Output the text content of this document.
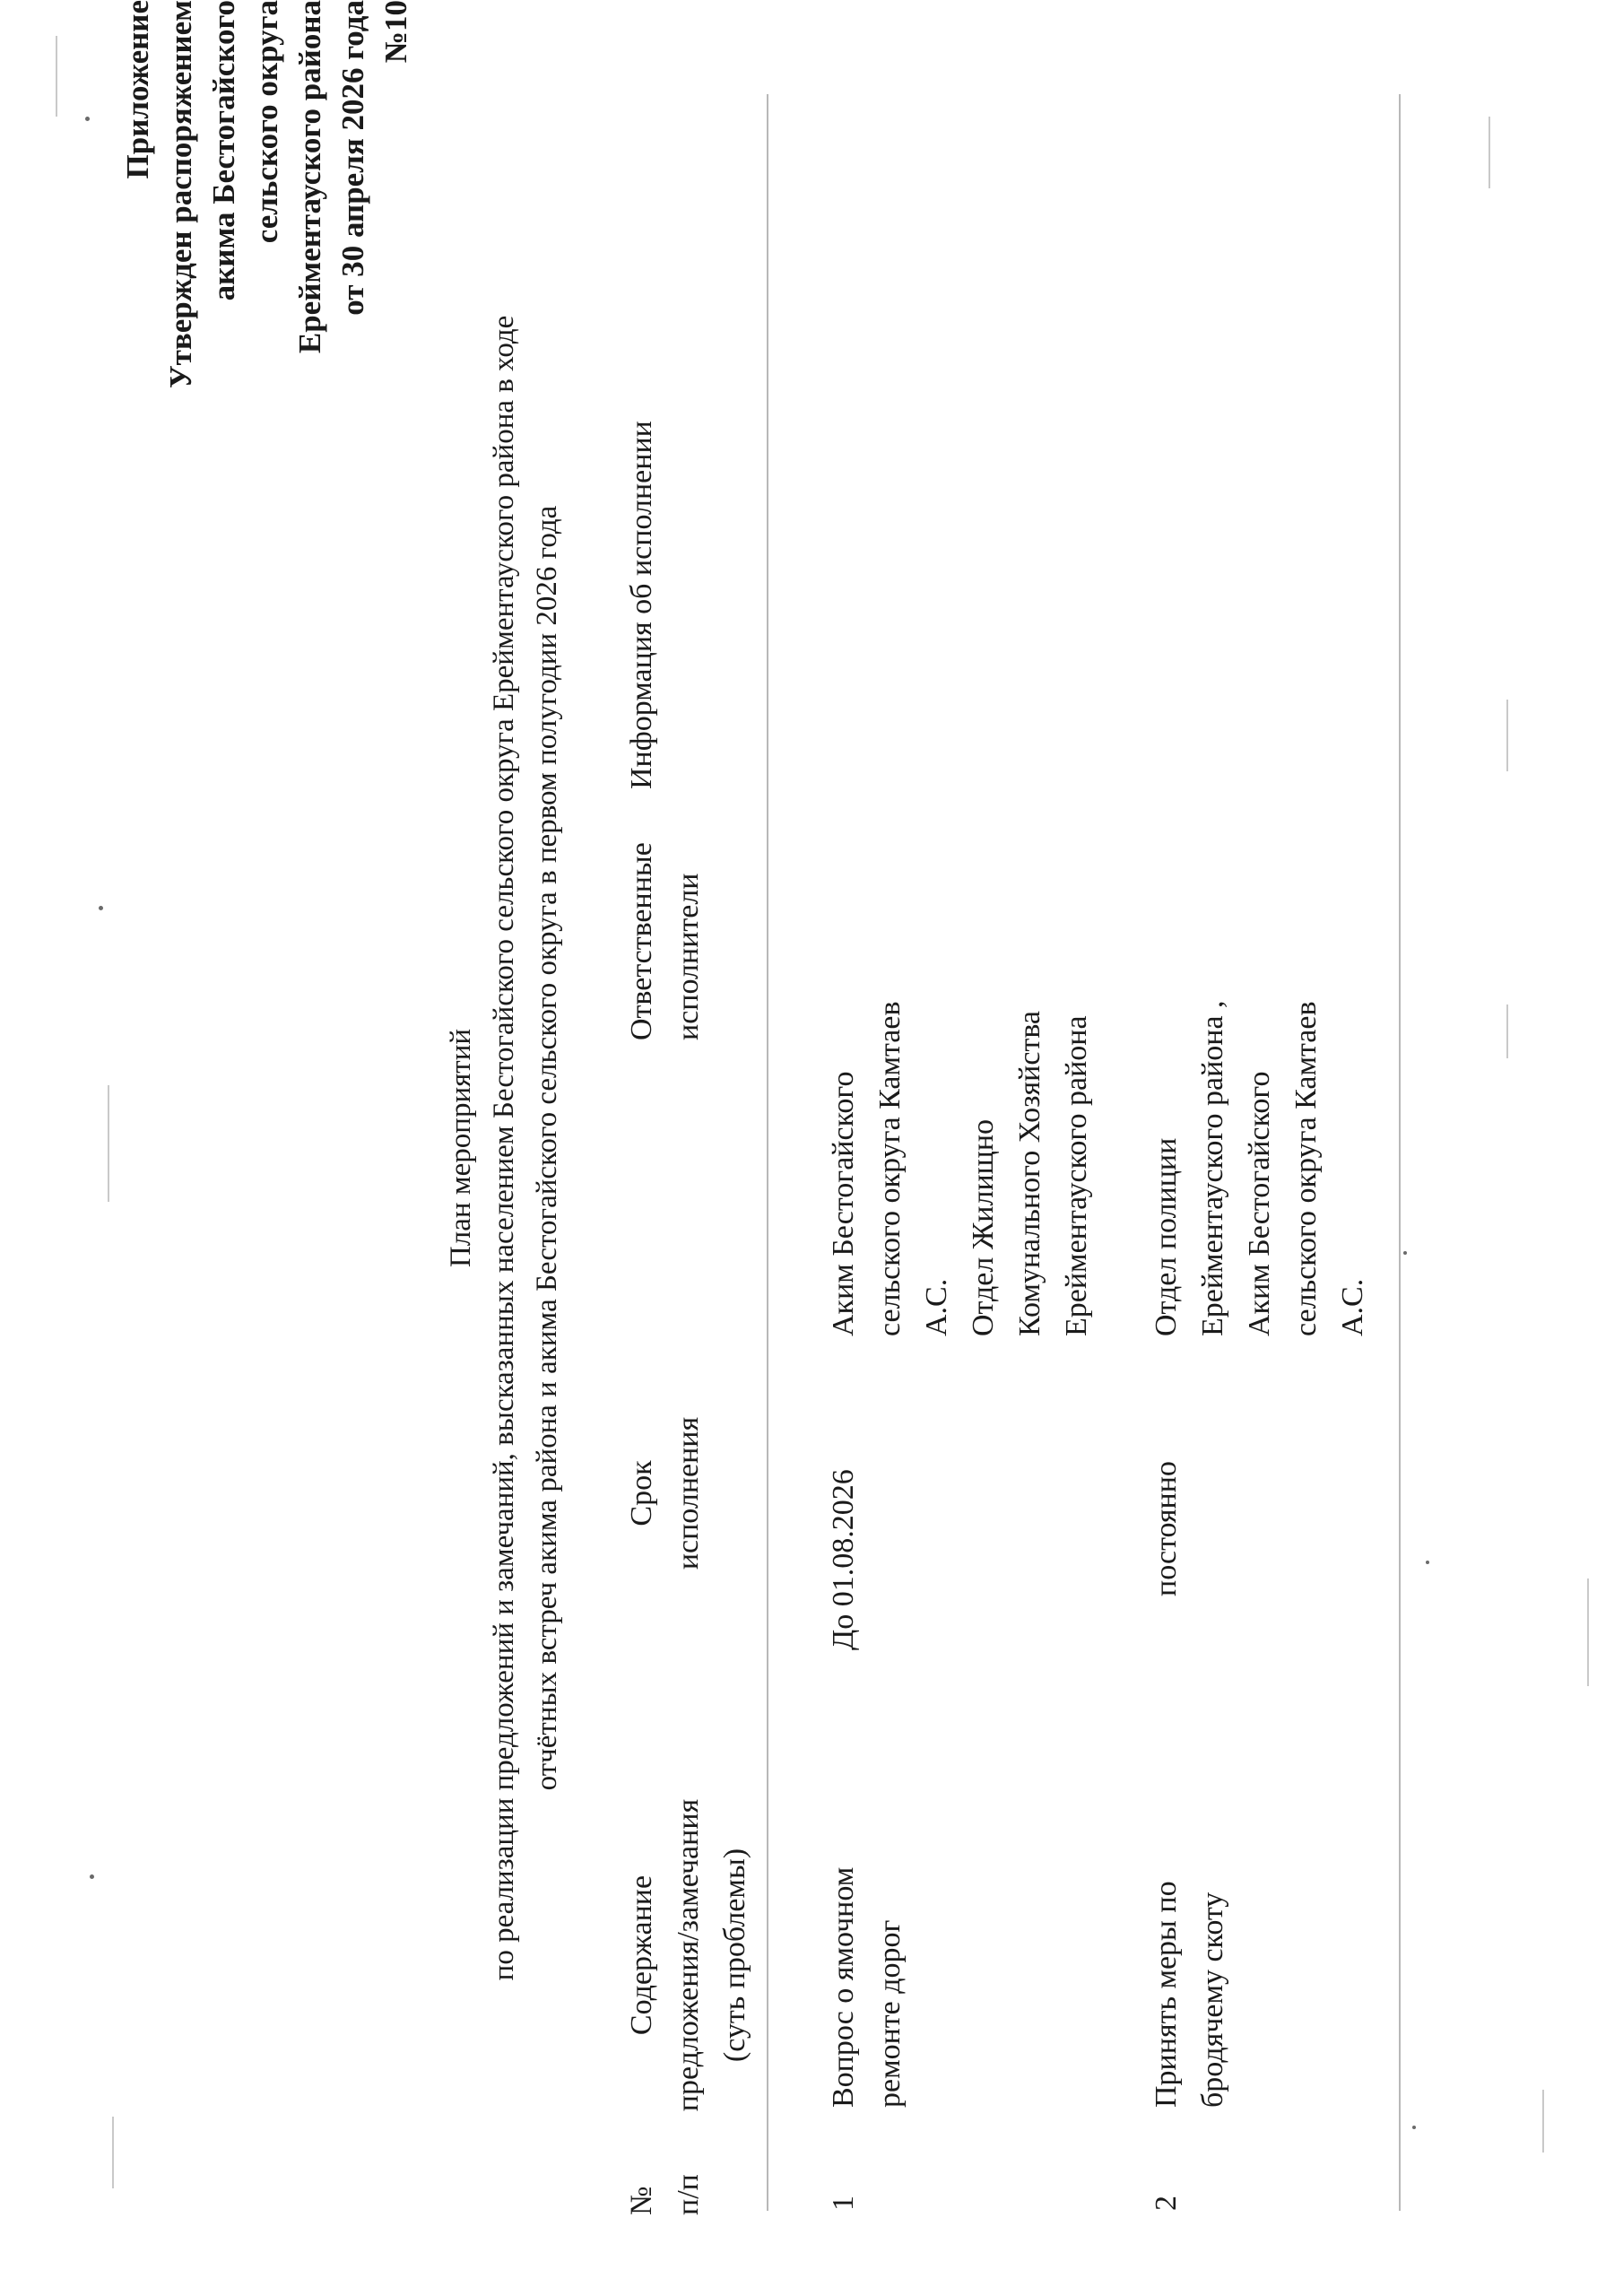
Приложение Утвержден распоряжением акима Бестогайского сельского округа Ерейментауского района от 30 апреля 2026 года №10
План мероприятий по реализации предложений и замечаний, высказанных населением Бестогайского сельского округа Ерейментауского района в ходе отчётных встреч акима района и акима Бестогайского сельского округа в первом полугодии 2026 года
№ п/п
Содержание предложения/замечания (суть проблемы)
Срок исполнения
Ответственные исполнители
Информация об исполнении
1
Вопрос о ямочном ремонте дорог
До 01.08.2026
Аким Бестогайского сельского округа Камтаев А.С. Отдел Жилищно Комунального Хозяйства Ерейментауского района
2
Принять меры по бродячему скоту
постоянно
Отдел полиции Ерейментауского района , Аким Бестогайского сельского округа Камтаев А.С.
